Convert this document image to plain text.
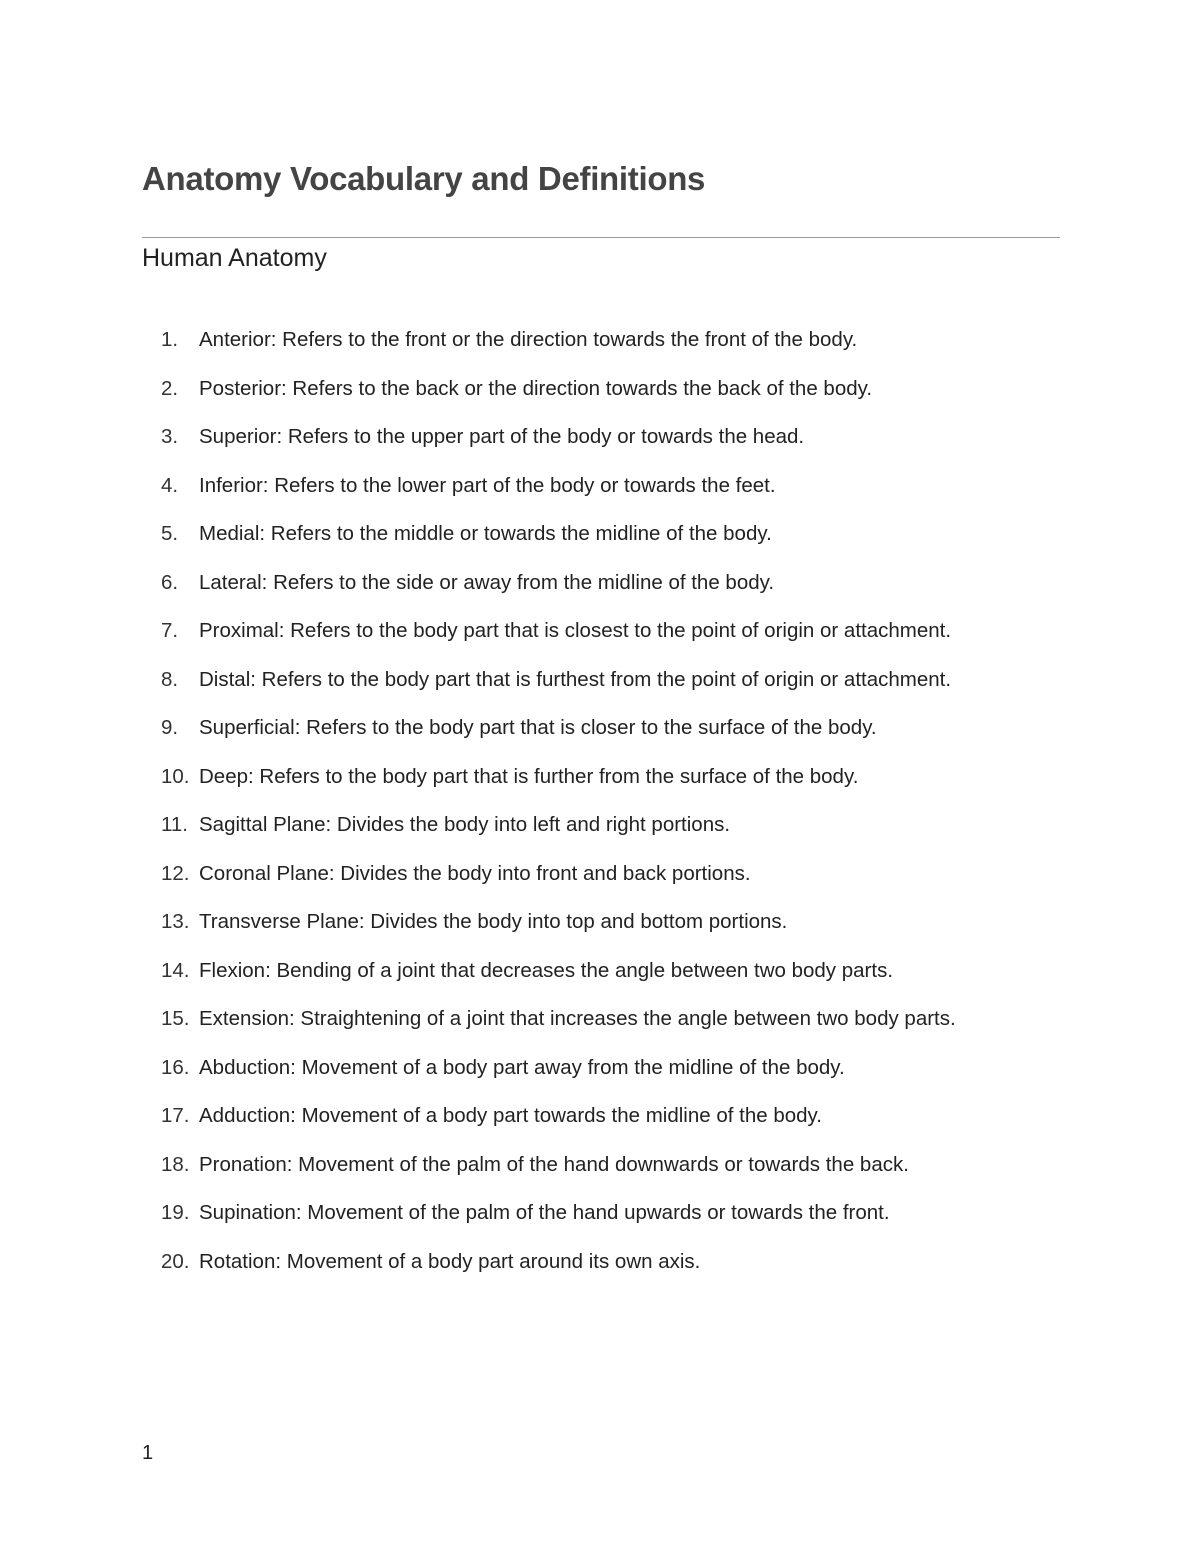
Anatomy Vocabulary and Definitions
Human Anatomy
1.	Anterior: Refers to the front or the direction towards the front of the body.
2.	Posterior: Refers to the back or the direction towards the back of the body.
3.	Superior: Refers to the upper part of the body or towards the head.
4.	Inferior: Refers to the lower part of the body or towards the feet.
5.	Medial: Refers to the middle or towards the midline of the body.
6.	Lateral: Refers to the side or away from the midline of the body.
7.	Proximal: Refers to the body part that is closest to the point of origin or attachment.
8.	Distal: Refers to the body part that is furthest from the point of origin or attachment.
9.	Superficial: Refers to the body part that is closer to the surface of the body.
10. Deep: Refers to the body part that is further from the surface of the body.
11. Sagittal Plane: Divides the body into left and right portions.
12. Coronal Plane: Divides the body into front and back portions.
13. Transverse Plane: Divides the body into top and bottom portions.
14. Flexion: Bending of a joint that decreases the angle between two body parts.
15. Extension: Straightening of a joint that increases the angle between two body parts.
16. Abduction: Movement of a body part away from the midline of the body.
17. Adduction: Movement of a body part towards the midline of the body.
18. Pronation: Movement of the palm of the hand downwards or towards the back.
19. Supination: Movement of the palm of the hand upwards or towards the front.
20. Rotation: Movement of a body part around its own axis.
1
